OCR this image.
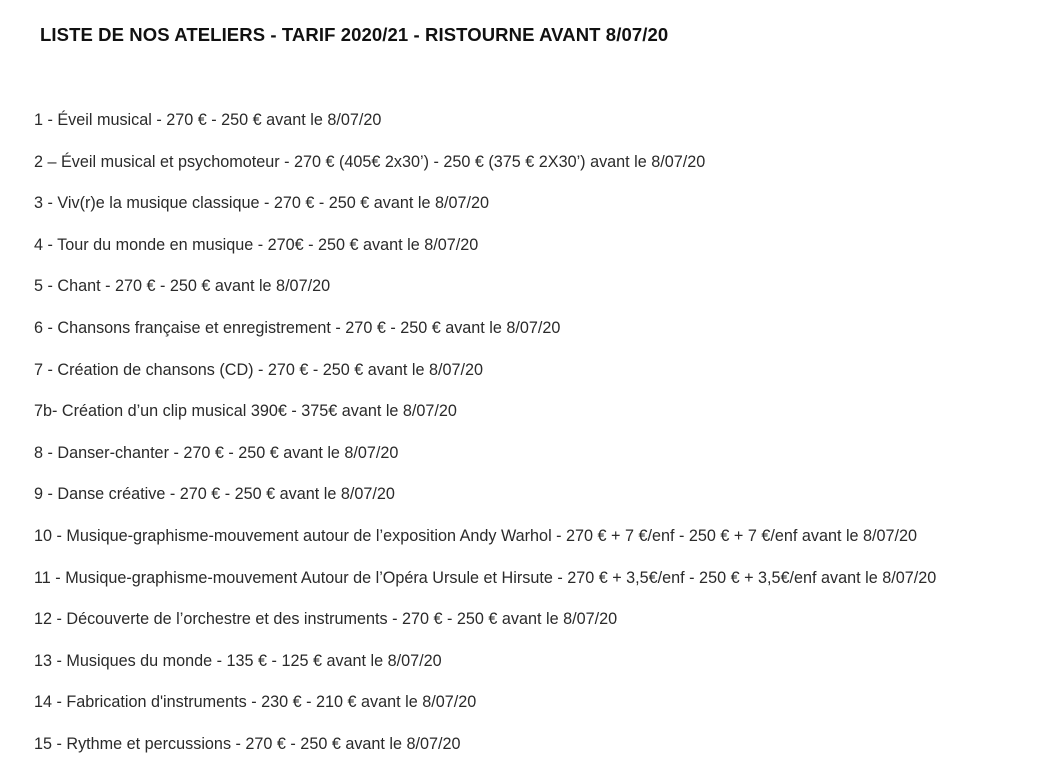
LISTE DE NOS ATELIERS - TARIF 2020/21 - RISTOURNE AVANT 8/07/20
1 - Éveil musical - 270 € - 250 € avant le 8/07/20
2 – Éveil musical et psychomoteur - 270 € (405€ 2x30’) - 250 € (375 € 2X30’) avant le 8/07/20
3 - Viv(r)e la musique classique - 270 € - 250 € avant le 8/07/20
4 - Tour du monde en musique - 270€ - 250 € avant le 8/07/20
5 - Chant - 270 € - 250 € avant le 8/07/20
6 - Chansons française et enregistrement - 270 € - 250 € avant le 8/07/20
7 - Création de chansons (CD) - 270 € - 250 € avant le 8/07/20
7b- Création d’un clip musical 390€ - 375€ avant le 8/07/20
8 - Danser-chanter - 270 € - 250 € avant le 8/07/20
9 - Danse créative - 270 € - 250 € avant le 8/07/20
10 - Musique-graphisme-mouvement autour de l’exposition Andy Warhol - 270 € + 7 €/enf - 250 € + 7 €/enf avant le 8/07/20
11 - Musique-graphisme-mouvement Autour de l’Opéra Ursule et Hirsute - 270 € + 3,5€/enf - 250 € + 3,5€/enf avant le 8/07/20
12 - Découverte de l’orchestre et des instruments - 270 € - 250 € avant le 8/07/20
13 - Musiques du monde - 135 € - 125 € avant le 8/07/20
14 - Fabrication d'instruments - 230 € - 210 € avant le 8/07/20
15 - Rythme et percussions - 270 € - 250 € avant le 8/07/20
